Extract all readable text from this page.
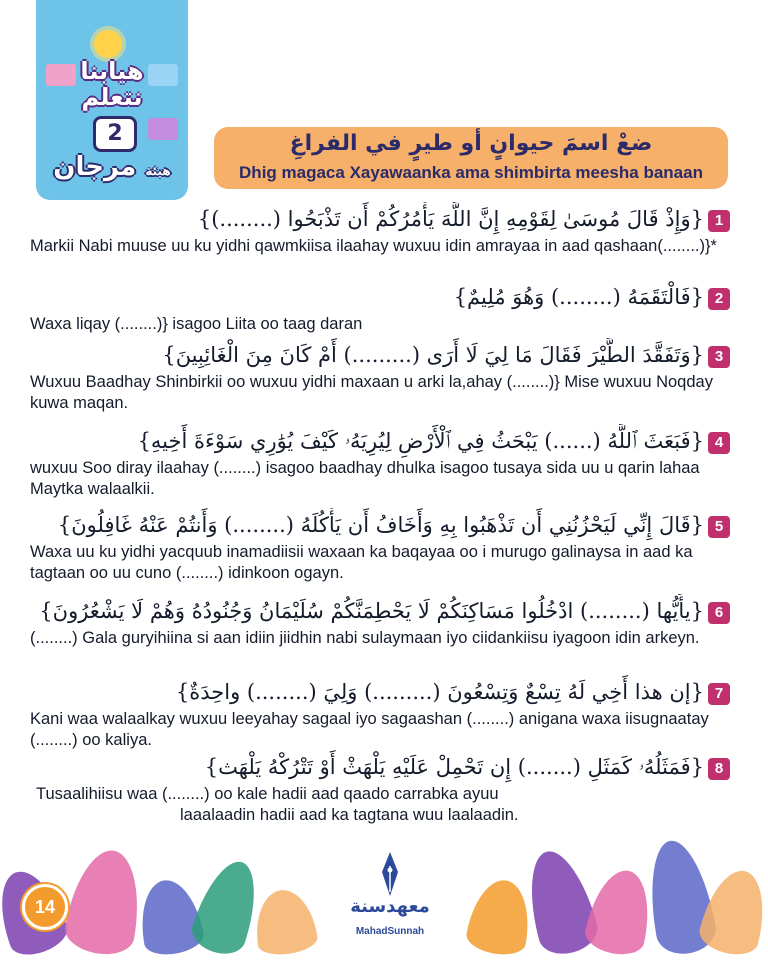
هيابنا
نتعلم
2
هيئة مرجان
ضعْ اسمَ حيوانٍ أو طيرٍ في الفراغِ
Dhig magaca Xayawaanka ama shimbirta meesha banaan
1{وَإِذْ قَالَ مُوسَىٰ لِقَوْمِهِ إِنَّ اللَّهَ يَأْمُرُكُمْ أَن تَذْبَحُوا (........)}
Markii Nabi muuse uu ku yidhi qawmkiisa ilaahay wuxuu idin amrayaa in aad qashaan(........)}*
2{فَالْتَقَمَهُ (........) وَهُوَ مُلِيمٌ}
Waxa liqay (........)} isagoo Liita oo taag daran
3{وَتَفَقَّدَ الطَّيْرَ فَقَالَ مَا لِيَ لَا أَرَى (.........) أَمْ كَانَ مِنَ الْغَائِبِينَ}
Wuxuu Baadhay Shinbirkii oo wuxuu yidhi maxaan u arki la,ahay (........)} Mise wuxuu Noqday kuwa maqan.
4{فَبَعَثَ ٱللَّهُ (......) يَبْحَثُ فِي ٱلْأَرْضِ لِيُرِيَهُۥ كَيْفَ يُوَٰرِي سَوْءَةَ أَخِيهِ}
wuxuu Soo diray ilaahay (........) isagoo baadhay dhulka isagoo tusaya sida uu u qarin lahaa Maytka walaalkii.
5{قَالَ إِنِّي لَيَحْزُنُنِي أَن تَذْهَبُوا بِهِ وَأَخَافُ أَن يَأْكُلَهُ (........) وَأَنتُمْ عَنْهُ غَافِلُونَ}
Waxa uu ku yidhi yacquub inamadiisii waxaan ka baqayaa oo i murugo galinaysa in aad ka tagtaan oo uu cuno (........) idinkoon ogayn.
6{يأَيُّها (........) ادْخُلُوا مَسَاكِنَكُمْ لَا يَحْطِمَنَّكُمْ سُلَيْمَانُ وَجُنُودُهُ وَهُمْ لَا يَشْعُرُونَ}
(........) Gala guryihiina si aan idiin jiidhin nabi sulaymaan iyo ciidankiisu iyagoon idin arkeyn.
7{إن هذا أَخِي لَهُ تِسْعٌ وَتِسْعُونَ (.........) وَلِيَ (........) واحِدَةٌ}
Kani waa walaalkay wuxuu leeyahay sagaal iyo sagaashan (........) anigana waxa iisugnaatay (........) oo kaliya.
8{فَمَثَلُهُۥ كَمَثَلِ (.......) إِن تَحْمِلْ عَلَيْهِ يَلْهَثْ أَوْ تَتْرُكْهُ يَلْهَث}
Tusaalihiisu waa (........) oo kale hadii aad qaado carrabka ayuu
laaalaadin hadii aad ka tagtana wuu laalaadin.
14	معهدسنة
MahadSunnah
